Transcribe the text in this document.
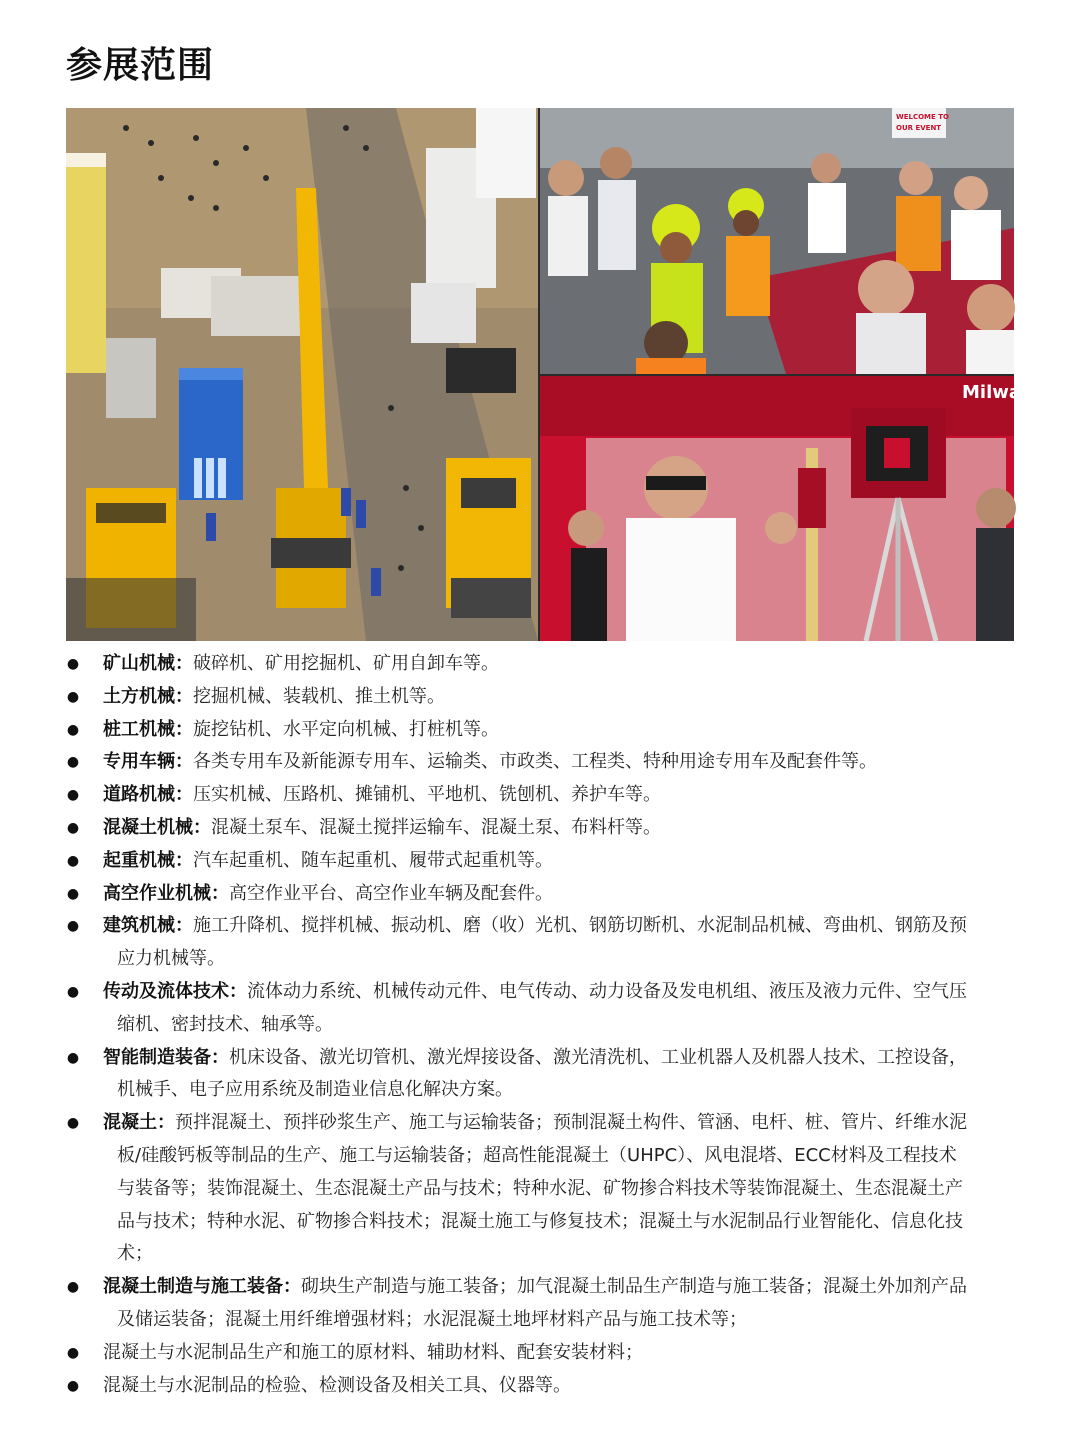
参展范围
WELCOME TO
OUR EVENT
Milwau
● 矿山机械：破碎机、矿用挖掘机、矿用自卸车等。
● 土方机械：挖掘机械、装载机、推土机等。
● 桩工机械：旋挖钻机、水平定向机械、打桩机等。
● 专用车辆：各类专用车及新能源专用车、运输类、市政类、工程类、特种用途专用车及配套件等。
● 道路机械：压实机械、压路机、摊铺机、平地机、铣刨机、养护车等。
● 混凝土机械：混凝土泵车、混凝土搅拌运输车、混凝土泵、布料杆等。
● 起重机械：汽车起重机、随车起重机、履带式起重机等。
● 高空作业机械：高空作业平台、高空作业车辆及配套件。
● 建筑机械：施工升降机、搅拌机械、振动机、磨（收）光机、钢筋切断机、水泥制品机械、弯曲机、钢筋及预
应力机械等。
● 传动及流体技术：流体动力系统、机械传动元件、电气传动、动力设备及发电机组、液压及液力元件、空气压
缩机、密封技术、轴承等。
● 智能制造装备：机床设备、激光切管机、激光焊接设备、激光清洗机、工业机器人及机器人技术、工控设备，
机械手、电子应用系统及制造业信息化解决方案。
● 混凝土：预拌混凝土、预拌砂浆生产、施工与运输装备；预制混凝土构件、管涵、电杆、桩、管片、纤维水泥
板/硅酸钙板等制品的生产、施工与运输装备；超高性能混凝土（UHPC）、风电混塔、ECC材料及工程技术
与装备等；装饰混凝土、生态混凝土产品与技术；特种水泥、矿物掺合料技术等装饰混凝土、生态混凝土产
品与技术；特种水泥、矿物掺合料技术；混凝土施工与修复技术；混凝土与水泥制品行业智能化、信息化技
术；
● 混凝土制造与施工装备：砌块生产制造与施工装备；加气混凝土制品生产制造与施工装备；混凝土外加剂产品
及储运装备；混凝土用纤维增强材料；水泥混凝土地坪材料产品与施工技术等；
● 混凝土与水泥制品生产和施工的原材料、辅助材料、配套安装材料；
● 混凝土与水泥制品的检验、检测设备及相关工具、仪器等。
